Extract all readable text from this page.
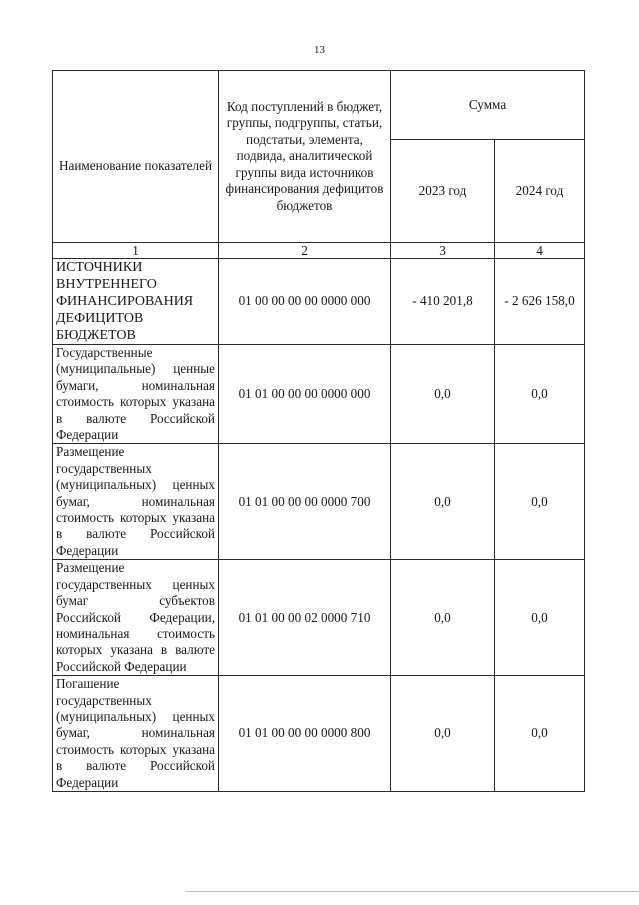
13
Наименование показателей	Код поступлений в бюджет, группы, подгруппы, статьи, подстатьи, элемента, подвида, аналитической группы вида источников финансирования дефицитов бюджетов	Сумма	
		2023 год	2024 год
1	2	3	4
ИСТОЧНИКИ ВНУТРЕННЕГО ФИНАНСИРОВАНИЯ ДЕФИЦИТОВ БЮДЖЕТОВ	01 00 00 00 00 0000 000	- 410 201,8	- 2 626 158,0
Государственные (муниципальные) ценные бумаги, номинальная стоимость которых указана в валюте Российской Федерации	01 01 00 00 00 0000 000	0,0	0,0
Размещение государственных (муниципальных) ценных бумаг, номинальная стоимость которых указана в валюте Российской Федерации	01 01 00 00 00 0000 700	0,0	0,0
Размещение государственных ценных бумаг субъектов Российской Федерации, номинальная стоимость которых указана в валюте Российской Федерации	01 01 00 00 02 0000 710	0,0	0,0
Погашение государственных (муниципальных) ценных бумаг, номинальная стоимость которых указана в валюте Российской Федерации	01 01 00 00 00 0000 800	0,0	0,0
